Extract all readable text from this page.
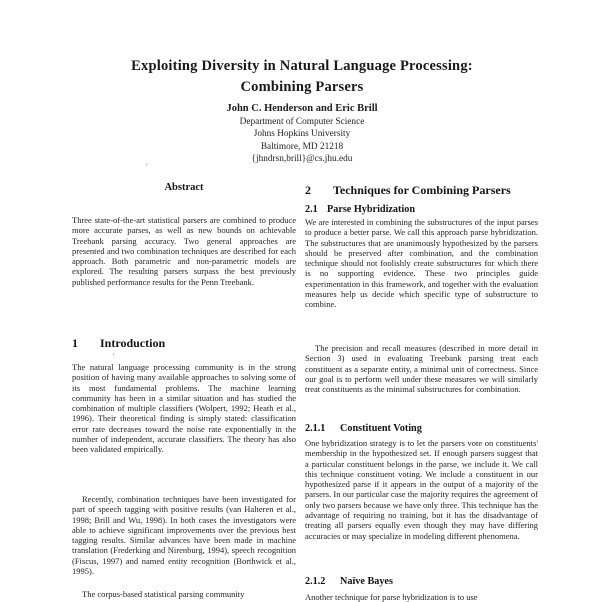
Exploiting Diversity in Natural Language Processing:
Combining Parsers
John C. Henderson and Eric Brill
Department of Computer Science
Johns Hopkins University
Baltimore, MD 21218
{jhndrsn,brill}@cs.jhu.edu
Abstract

Three state-of-the-art statistical parsers are combined to produce more accurate parses, as well as new bounds on achievable Treebank parsing accuracy. Two general approaches are presented and two combination techniques are described for each approach. Both parametric and non-parametric models are explored. The resulting parsers surpass the best previously published performance results for the Penn Treebank.

1 Introduction

The natural language processing community is in the strong position of having many available approaches to solving some of its most fundamental problems. The machine learning community has been in a similar situation and has studied the combination of multiple classifiers (Wolpert, 1992; Heath et al., 1996). Their theoretical finding is simply stated: classification error rate decreases toward the noise rate exponentially in the number of independent, accurate classifiers. The theory has also been validated empirically.

Recently, combination techniques have been investigated for part of speech tagging with positive results (van Halteren et al., 1998; Brill and Wu, 1998). In both cases the investigators were able to achieve significant improvements over the previous best tagging results. Similar advances have been made in machine translation (Frederking and Nirenburg, 1994), speech recognition (Fiscus, 1997) and named entity recognition (Borthwick et al., 1995).

The corpus-based statistical parsing community

2 Techniques for Combining Parsers
2.1 Parse Hybridization

We are interested in combining the substructures of the input parses to produce a better parse. We call this approach parse hybridization. The substructures that are unanimously hypothesized by the parsers should be preserved after combination, and the combination technique should not foolishly create substructures for which there is no supporting evidence. These two principles guide experimentation in this framework, and together with the evaluation measures help us decide which specific type of substructure to combine.

The precision and recall measures (described in more detail in Section 3) used in evaluating Treebank parsing treat each constituent as a separate entity, a minimal unit of correctness. Since our goal is to perform well under these measures we will similarly treat constituents as the minimal substructures for combination.

2.1.1 Constituent Voting

One hybridization strategy is to let the parsers vote on constituents' membership in the hypothesized set. If enough parsers suggest that a particular constituent belongs in the parse, we include it. We call this technique constituent voting. We include a constituent in our hypothesized parse if it appears in the output of a majority of the parsers. In our particular case the majority requires the agreement of only two parsers because we have only three. This technique has the advantage of requiring no training, but it has the disadvantage of treating all parsers equally even though they may have differing accuracies or may specialize in modeling different phenomena.

2.1.2 Naïve Bayes

Another technique for parse hybridization is to use

'
'
